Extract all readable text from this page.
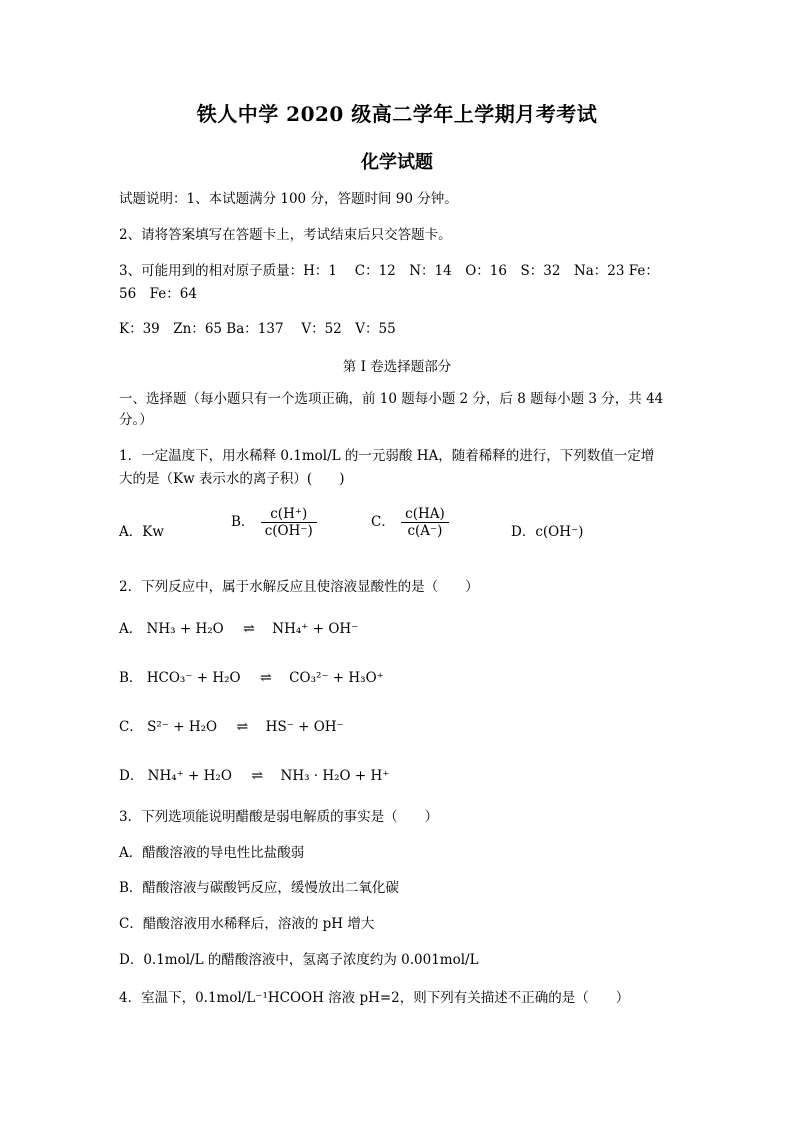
铁人中学 2020 级高二学年上学期月考考试
化学试题
试题说明：1、本试题满分 100 分，答题时间 90 分钟。
2、请将答案填写在答题卡上，考试结束后只交答题卡。
3、可能用到的相对原子质量：H：1　 C：12　N：14　O：16　S：32　Na：23 Fe：
56　Fe：64
K：39　Zn：65 Ba：137　 V：52　V：55
第 I 卷选择题部分
一、选择题（每小题只有一个选项正确，前 10 题每小题 2 分，后 8 题每小题 3 分，共 44
分。）
1．一定温度下，用水稀释 0.1mol/L 的一元弱酸 HA，随着稀释的进行，下列数值一定增
大的是（Kw 表示水的离子积）(　　)
A．Kw
B． $\frac{c(H^+)}{c(OH^-)}$	C． $\frac{c(HA)}{c(A^-)}$	D．c(OH⁻)
2．下列反应中，属于水解反应且使溶液显酸性的是（　　）
A． NH₃ + H₂O ⇌ NH₄⁺ + OH⁻
B． HCO₃⁻ + H₂O ⇌ CO₃²⁻ + H₃O⁺
C． S²⁻ + H₂O ⇌ HS⁻ + OH⁻
D． NH₄⁺ + H₂O ⇌ NH₃ · H₂O + H⁺
3．下列选项能说明醋酸是弱电解质的事实是（　　）
A．醋酸溶液的导电性比盐酸弱
B．醋酸溶液与碳酸钙反应，缓慢放出二氧化碳
C．醋酸溶液用水稀释后，溶液的 pH 增大
D．0.1mol/L 的醋酸溶液中，氢离子浓度约为 0.001mol/L
4．室温下，0.1mol/L⁻¹HCOOH 溶液 pH=2，则下列有关描述不正确的是（　　）
